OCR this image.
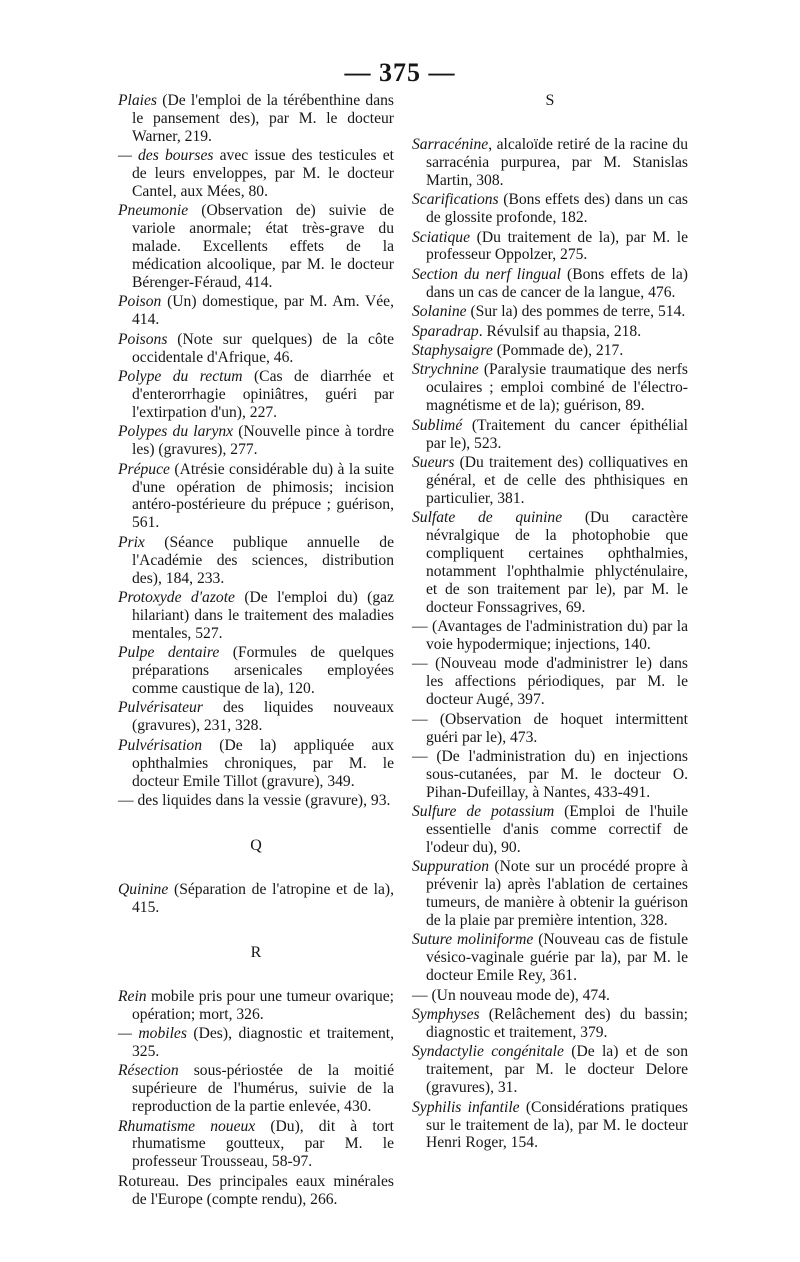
— 375 —

Plaies (De l'emploi de la térébenthine dans le pansement des), par M. le docteur Warner, 219.

— des bourses avec issue des testicules et de leurs enveloppes, par M. le docteur Cantel, aux Mées, 80.

Pneumonie (Observation de) suivie de variole anormale; état très-grave du malade. Excellents effets de la médication alcoolique, par M. le docteur Bérenger-Féraud, 414.

Poison (Un) domestique, par M. Am. Vée, 414.

Poisons (Note sur quelques) de la côte occidentale d'Afrique, 46.

Polype du rectum (Cas de diarrhée et d'enterorrhagie opiniâtres, guéri par l'extirpation d'un), 227.

Polypes du larynx (Nouvelle pince à tordre les) (gravures), 277.

Prépuce (Atrésie considérable du) à la suite d'une opération de phimosis; incision antéro-postérieure du prépuce ; guérison, 561.

Prix (Séance publique annuelle de l'Académie des sciences, distribution des), 184, 233.

Protoxyde d'azote (De l'emploi du) (gaz hilariant) dans le traitement des maladies mentales, 527.

Pulpe dentaire (Formules de quelques préparations arsenicales employées comme caustique de la), 120.

Pulvérisateur des liquides nouveaux (gravures), 231, 328.

Pulvérisation (De la) appliquée aux ophthalmies chroniques, par M. le docteur Emile Tillot (gravure), 349.

— des liquides dans la vessie (gravure), 93.

Q

Quinine (Séparation de l'atropine et de la), 415.

R

Rein mobile pris pour une tumeur ovarique; opération; mort, 326.

— mobiles (Des), diagnostic et traitement, 325.

Résection sous-périostée de la moitié supérieure de l'humérus, suivie de la reproduction de la partie enlevée, 430.

Rhumatisme noueux (Du), dit à tort rhumatisme goutteux, par M. le professeur Trousseau, 58-97.

Rotureau. Des principales eaux minérales de l'Europe (compte rendu), 266.

S

Sarracénine, alcaloïde retiré de la racine du sarracénia purpurea, par M. Stanislas Martin, 308.

Scarifications (Bons effets des) dans un cas de glossite profonde, 182.

Sciatique (Du traitement de la), par M. le professeur Oppolzer, 275.

Section du nerf lingual (Bons effets de la) dans un cas de cancer de la langue, 476.

Solanine (Sur la) des pommes de terre, 514.

Sparadrap. Révulsif au thapsia, 218.

Staphysaigre (Pommade de), 217.

Strychnine (Paralysie traumatique des nerfs oculaires ; emploi combiné de l'électro-magnétisme et de la); guérison, 89.

Sublimé (Traitement du cancer épithélial par le), 523.

Sueurs (Du traitement des) colliquatives en général, et de celle des phthisiques en particulier, 381.

Sulfate de quinine (Du caractère névralgique de la photophobie que compliquent certaines ophthalmies, notamment l'ophthalmie phlycténulaire, et de son traitement par le), par M. le docteur Fonssagrives, 69.

— (Avantages de l'administration du) par la voie hypodermique; injections, 140.

— (Nouveau mode d'administrer le) dans les affections périodiques, par M. le docteur Augé, 397.

— (Observation de hoquet intermittent guéri par le), 473.

— (De l'administration du) en injections sous-cutanées, par M. le docteur O. Pihan-Dufeillay, à Nantes, 433-491.

Sulfure de potassium (Emploi de l'huile essentielle d'anis comme correctif de l'odeur du), 90.

Suppuration (Note sur un procédé propre à prévenir la) après l'ablation de certaines tumeurs, de manière à obtenir la guérison de la plaie par première intention, 328.

Suture moliniforme (Nouveau cas de fistule vésico-vaginale guérie par la), par M. le docteur Emile Rey, 361.

— (Un nouveau mode de), 474.

Symphyses (Relâchement des) du bassin; diagnostic et traitement, 379.

Syndactylie congénitale (De la) et de son traitement, par M. le docteur Delore (gravures), 31.

Syphilis infantile (Considérations pratiques sur le traitement de la), par M. le docteur Henri Roger, 154.
